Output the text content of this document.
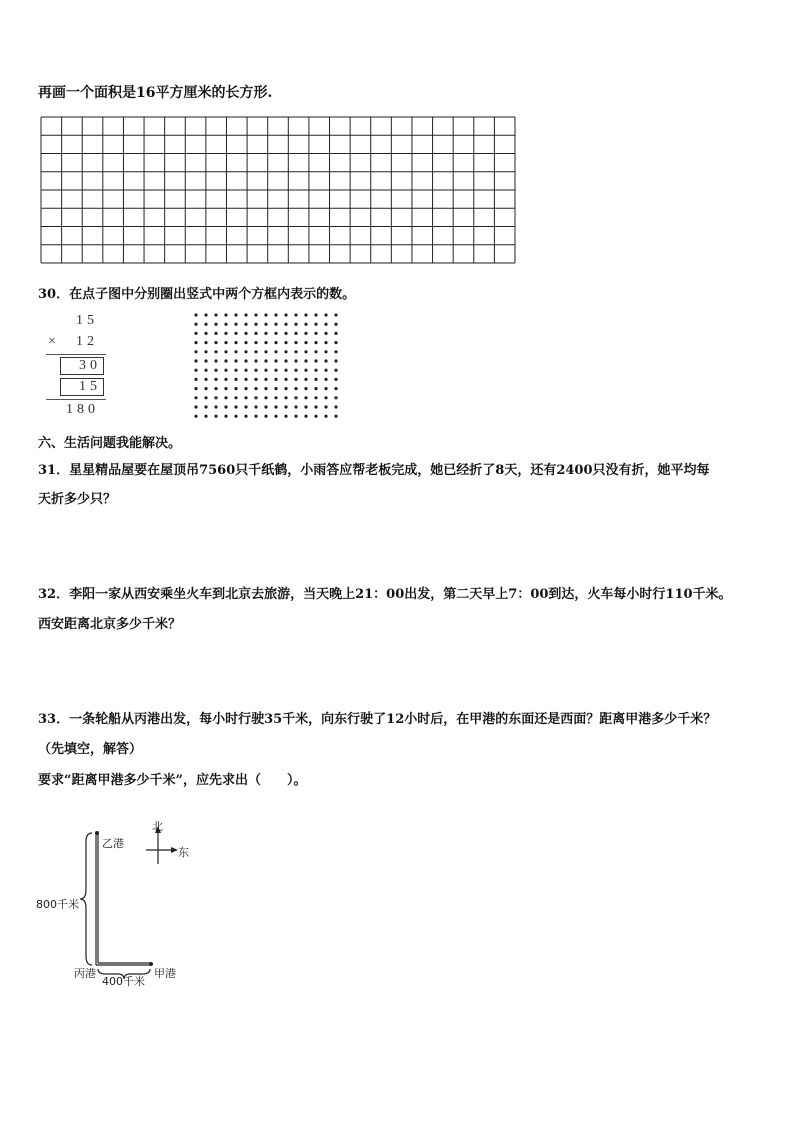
再画一个面积是16平方厘米的长方形.
30．在点子图中分别圈出竖式中两个方框内表示的数。
15
× 12
30
15
180
六、生活问题我能解决。
31．星星精品屋要在屋顶吊7560只千纸鹤，小雨答应帮老板完成，她已经折了8天，还有2400只没有折，她平均每
天折多少只？
32．李阳一家从西安乘坐火车到北京去旅游，当天晚上21：00出发，第二天早上7：00到达，火车每小时行110千米。
西安距离北京多少千米？
33．一条轮船从丙港出发，每小时行驶35千米，向东行驶了12小时后，在甲港的东面还是西面？距离甲港多少千米？
（先填空，解答）
要求“距离甲港多少千米”，应先求出（　　）。
乙港
丙港	甲港
北
东
800千米
400千米
